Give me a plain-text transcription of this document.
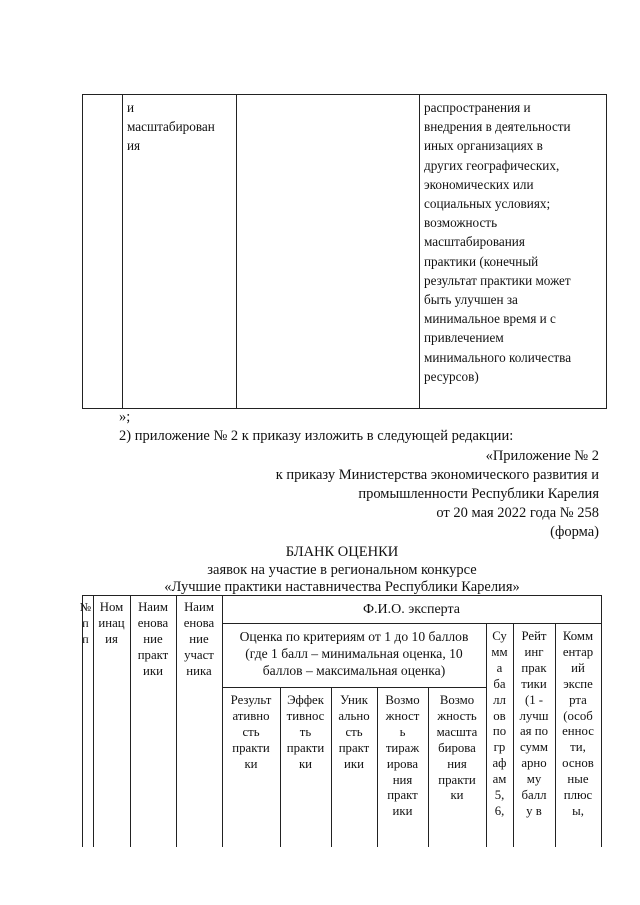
и
масштабирован
ия
распространения и
внедрения в деятельности
иных организациях в
других географических,
экономических или
социальных условиях;
возможность
масштабирования
практики (конечный
результат практики может
быть улучшен за
минимальное время и с
привлечением
минимального количества
ресурсов)
»;
2) приложение № 2 к приказу изложить в следующей редакции:
«Приложение № 2
к приказу Министерства экономического развития и
промышленности Республики Карелия
от 20 мая 2022 года № 258
(форма)
БЛАНК ОЦЕНКИ
заявок на участие в региональном конкурсе
«Лучшие практики наставничества Республики Карелия»
№
п
п
Ном
инац
ия
Наим
енова
ние
практ
ики
Наим
енова
ние
участ
ника
Ф.И.О. эксперта
Оценка по критериям от 1 до 10 баллов
(где 1 балл – минимальная оценка, 10
баллов – максимальная оценка)
Результ
ативно
сть
практи
ки
Эффек
тивнос
ть
практи
ки
Уник
ально
сть
практ
ики
Возмо
жност
ь
тираж
ирова
ния
практ
ики
Возмо
жность
масшта
бирова
ния
практи
ки
Су
мм
а
ба
лл
ов
по
гр
аф
ам
5,
6,
Рейт
инг
прак
тики
(1 -
лучш
ая по
сумм
арно
му
балл
у в
Комм
ентар
ий
экспе
рта
(особ
еннос
ти,
основ
ные
плюс
ы,
